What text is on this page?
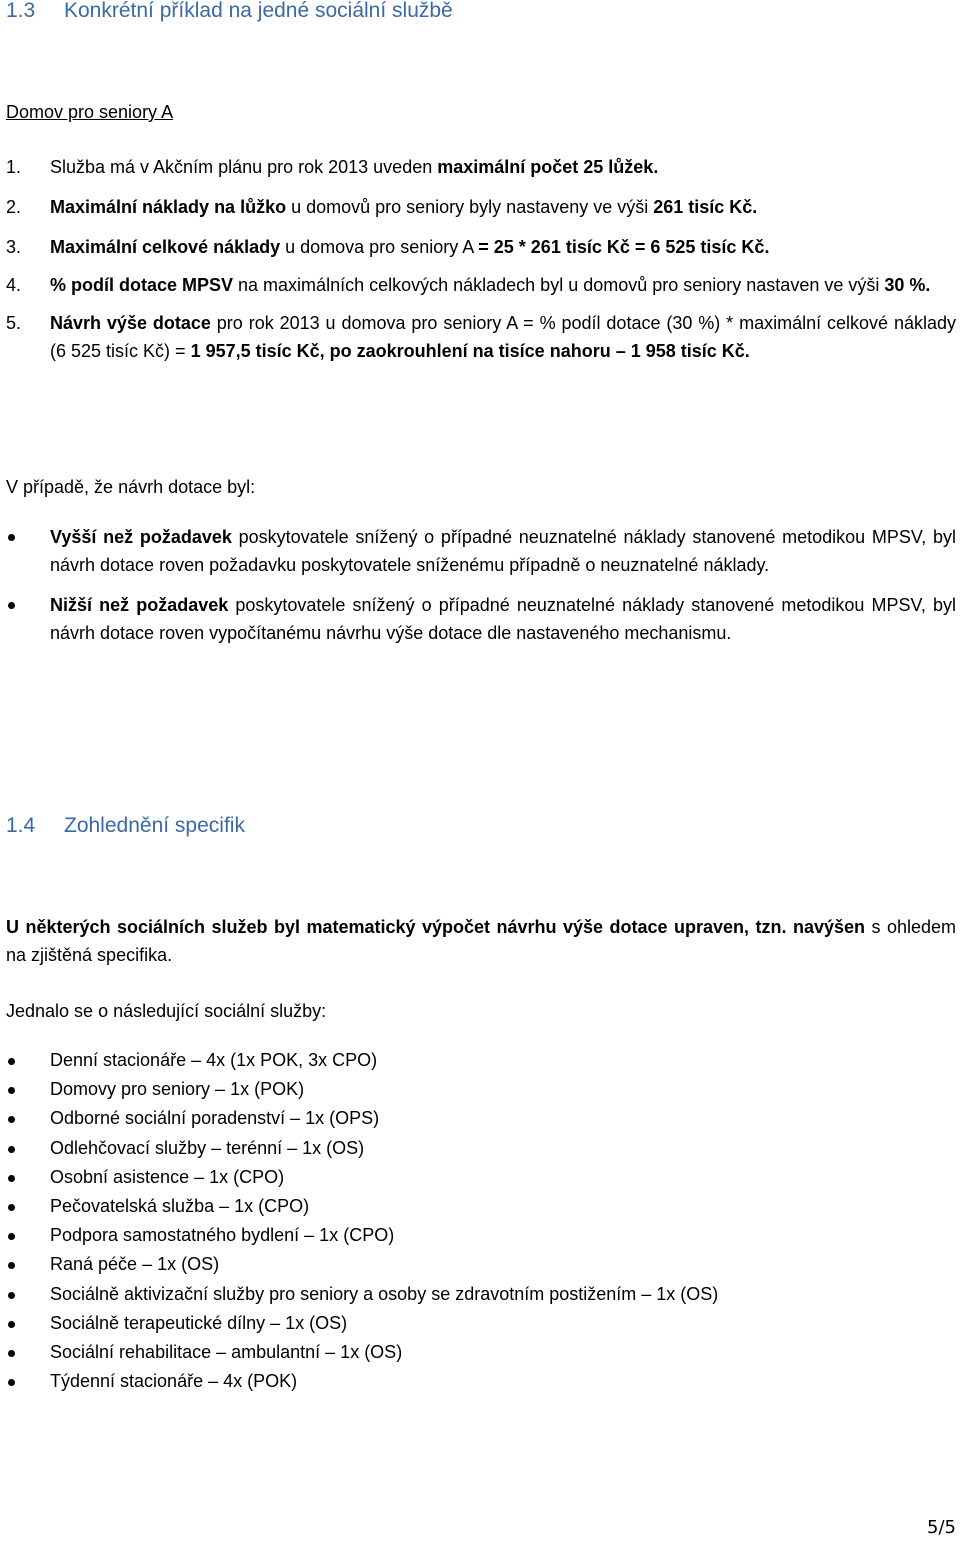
1.3 Konkrétní příklad na jedné sociální službě
Domov pro seniory A
1. Služba má v Akčním plánu pro rok 2013 uveden maximální počet 25 lůžek.
2. Maximální náklady na lůžko u domovů pro seniory byly nastaveny ve výši 261 tisíc Kč.
3. Maximální celkové náklady u domova pro seniory A = 25 * 261 tisíc Kč = 6 525 tisíc Kč.
4. % podíl dotace MPSV na maximálních celkových nákladech byl u domovů pro seniory nastaven ve výši 30 %.
5. Návrh výše dotace pro rok 2013 u domova pro seniory A = % podíl dotace (30 %) * maximální celkové náklady (6 525 tisíc Kč) = 1 957,5 tisíc Kč, po zaokrouhlení na tisíce nahoru – 1 958 tisíc Kč.
V případě, že návrh dotace byl:
Vyšší než požadavek poskytovatele snížený o případné neuznatelné náklady stanovené metodikou MPSV, byl návrh dotace roven požadavku poskytovatele sníženému případně o neuznatelné náklady.
Nižší než požadavek poskytovatele snížený o případné neuznatelné náklady stanovené metodikou MPSV, byl návrh dotace roven vypočítanému návrhu výše dotace dle nastaveného mechanismu.
1.4 Zohlednění specifik
U některých sociálních služeb byl matematický výpočet návrhu výše dotace upraven, tzn. navýšen s ohledem na zjištěná specifika.
Jednalo se o následující sociální služby:
Denní stacionáře – 4x (1x POK, 3x CPO)
Domovy pro seniory – 1x (POK)
Odborné sociální poradenství – 1x (OPS)
Odlehčovací služby – terénní – 1x (OS)
Osobní asistence – 1x (CPO)
Pečovatelská služba – 1x (CPO)
Podpora samostatného bydlení – 1x (CPO)
Raná péče – 1x (OS)
Sociálně aktivizační služby pro seniory a osoby se zdravotním postižením – 1x (OS)
Sociálně terapeutické dílny – 1x (OS)
Sociální rehabilitace – ambulantní – 1x (OS)
Týdenní stacionáře – 4x (POK)
5/5
